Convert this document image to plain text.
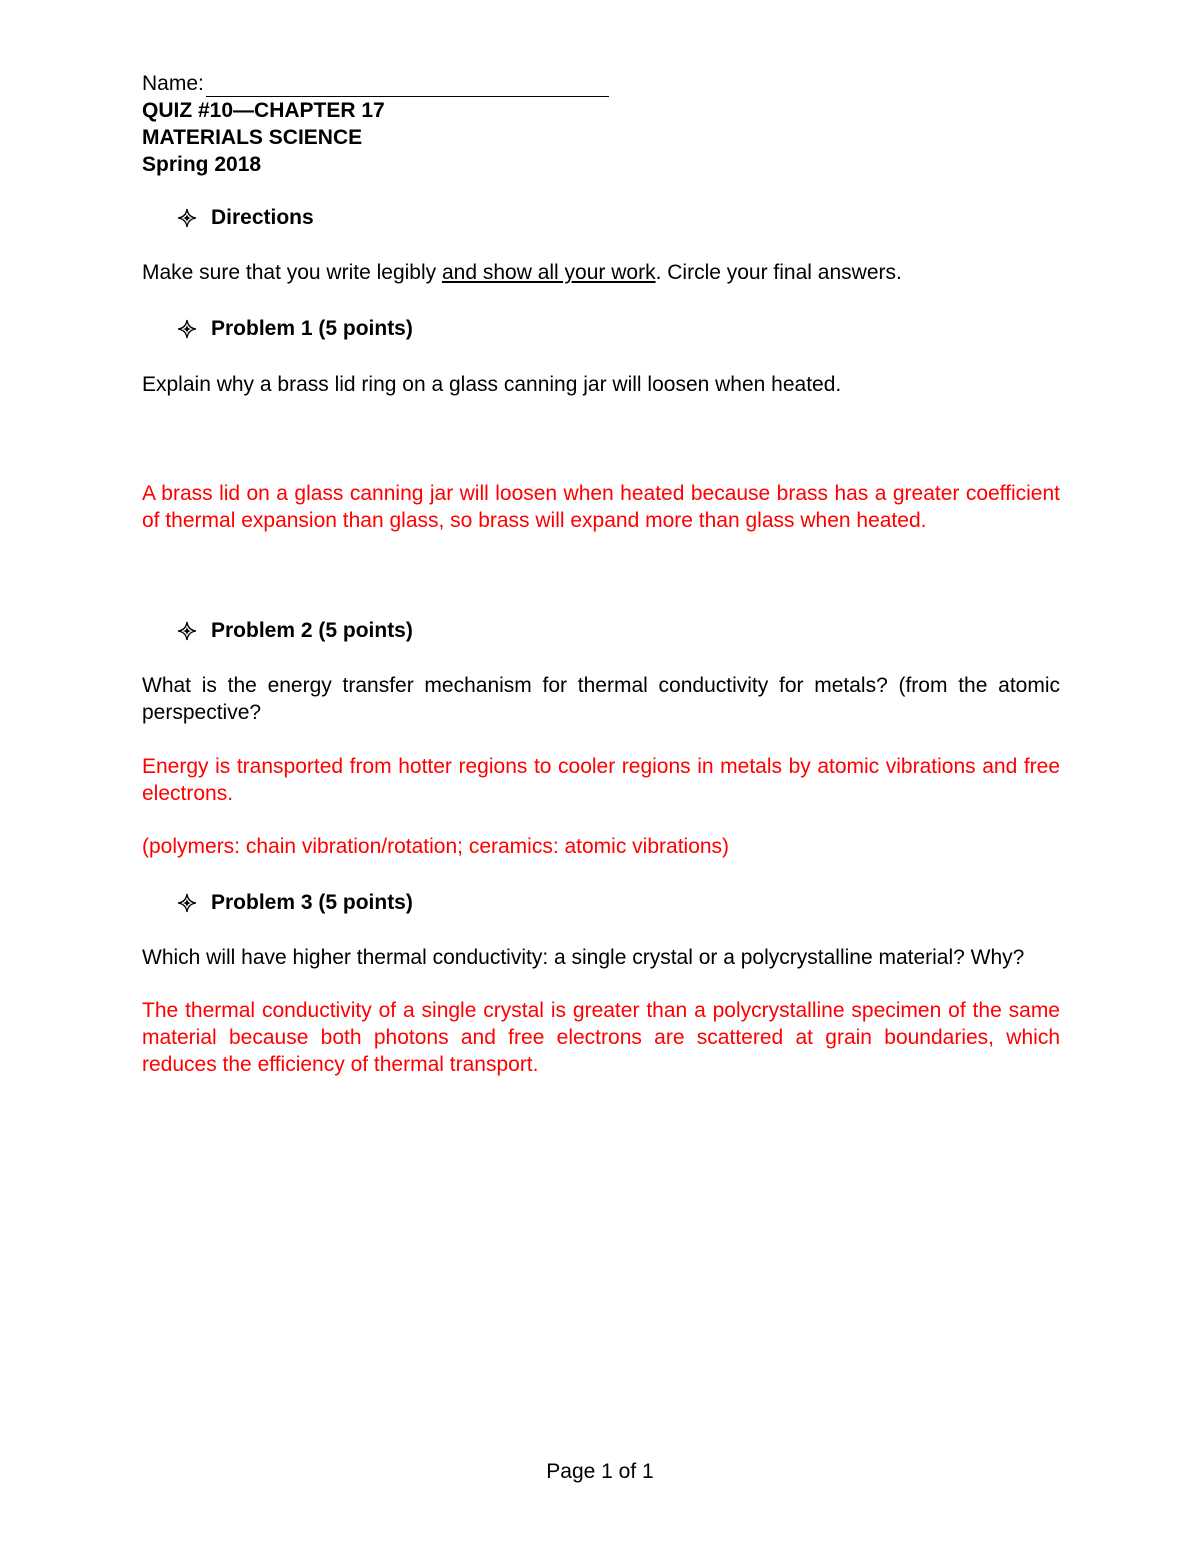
Name:

QUIZ #10—CHAPTER 17

MATERIALS SCIENCE

Spring 2018

Directions

Make sure that you write legibly and show all your work. Circle your final answers.

Problem 1 (5 points)

Explain why a brass lid ring on a glass canning jar will loosen when heated.

A brass lid on a glass canning jar will loosen when heated because brass has a greater coefficient of thermal expansion than glass, so brass will expand more than glass when heated.

Problem 2 (5 points)

What is the energy transfer mechanism for thermal conductivity for metals? (from the atomic perspective?

Energy is transported from hotter regions to cooler regions in metals by atomic vibrations and free electrons.

(polymers: chain vibration/rotation; ceramics: atomic vibrations)

Problem 3 (5 points)

Which will have higher thermal conductivity: a single crystal or a polycrystalline material? Why?

The thermal conductivity of a single crystal is greater than a polycrystalline specimen of the same material because both photons and free electrons are scattered at grain boundaries, which reduces the efficiency of thermal transport.

Page 1 of 1
